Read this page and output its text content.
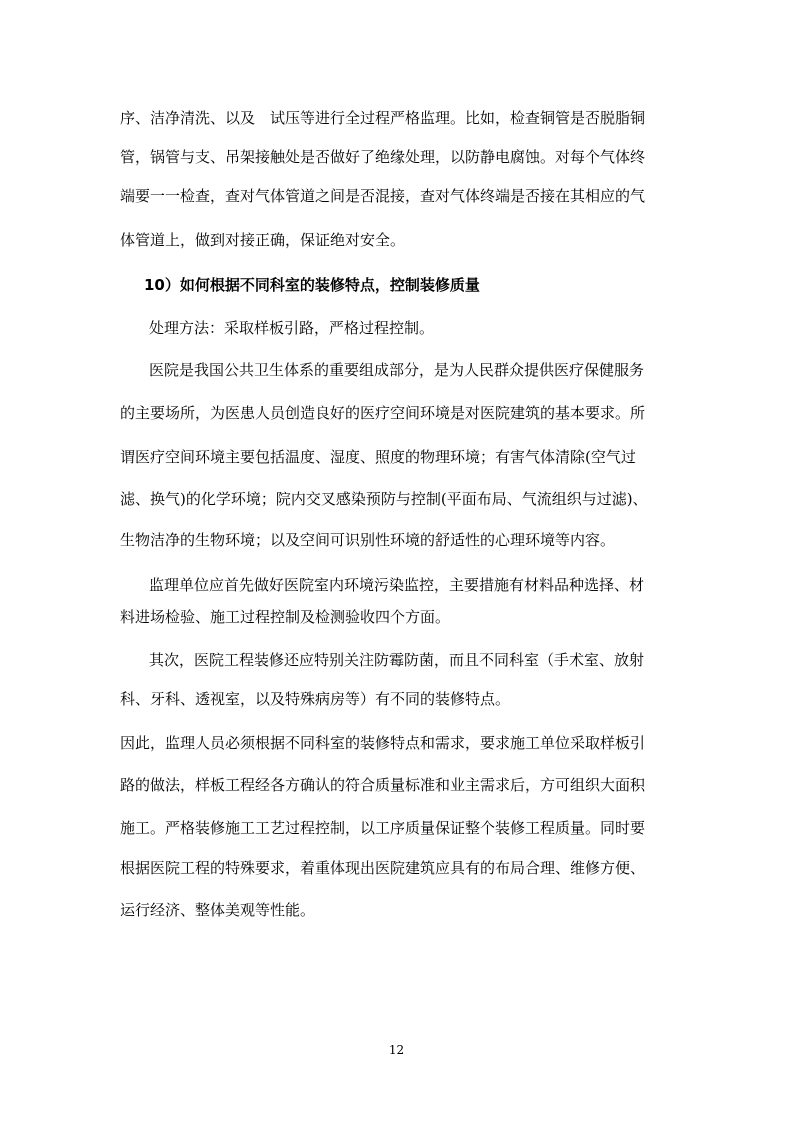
序、洁净清洗、以及　试压等进行全过程严格监理。比如，检查铜管是否脱脂铜
管，锅管与支、吊架接触处是否做好了绝缘处理，以防静电腐蚀。对每个气体终
端要一一检查，查对气体管道之间是否混接，查对气体终端是否接在其相应的气
体管道上，做到对接正确，保证绝对安全。
10）如何根据不同科室的装修特点，控制装修质量
处理方法：采取样板引路，严格过程控制。
医院是我国公共卫生体系的重要组成部分，是为人民群众提供医疗保健服务
的主要场所，为医患人员创造良好的医疗空间环境是对医院建筑的基本要求。所
谓医疗空间环境主要包括温度、湿度、照度的物理环境；有害气体清除(空气过
滤、换气)的化学环境；院内交叉感染预防与控制(平面布局、气流组织与过滤)、
生物洁净的生物环境；以及空间可识别性环境的舒适性的心理环境等内容。
监理单位应首先做好医院室内环境污染监控，主要措施有材料品种选择、材
料进场检验、施工过程控制及检测验收四个方面。
其次，医院工程装修还应特别关注防霉防菌，而且不同科室（手术室、放射
科、牙科、透视室，以及特殊病房等）有不同的装修特点。
因此，监理人员必须根据不同科室的装修特点和需求，要求施工单位采取样板引
路的做法，样板工程经各方确认的符合质量标准和业主需求后，方可组织大面积
施工。严格装修施工工艺过程控制，以工序质量保证整个装修工程质量。同时要
根据医院工程的特殊要求，着重体现出医院建筑应具有的布局合理、维修方便、
运行经济、整体美观等性能。
12
